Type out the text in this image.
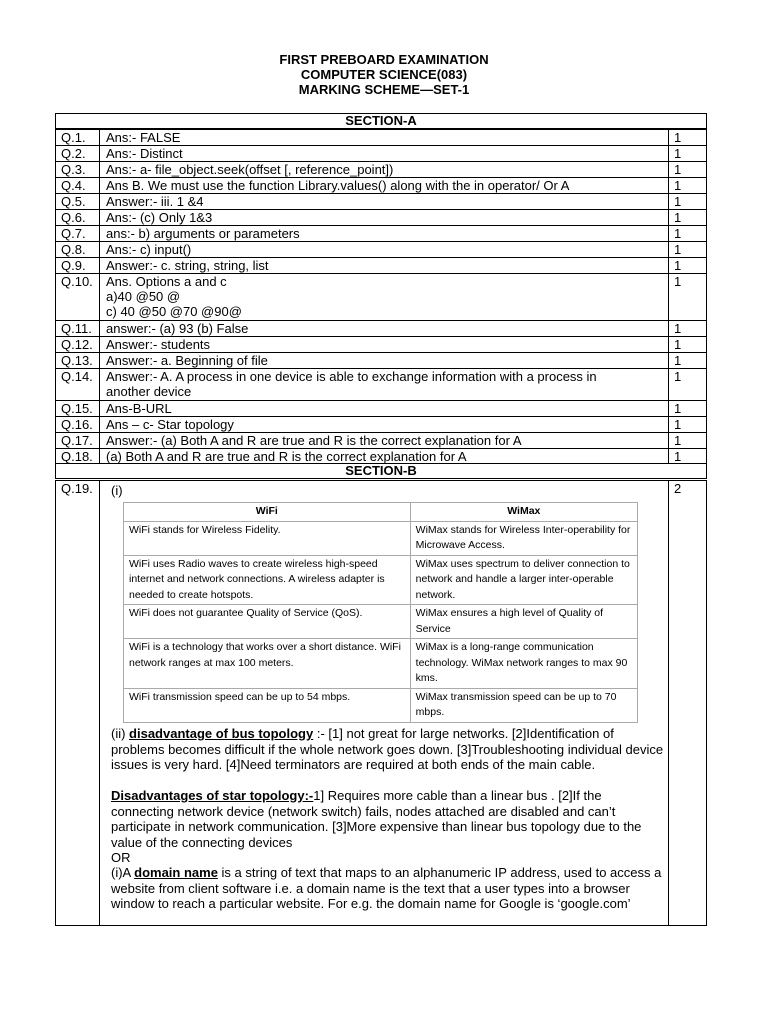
FIRST PREBOARD EXAMINATION
COMPUTER SCIENCE(083)
MARKING SCHEME—SET-1
SECTION-A
Q.1.	Ans:- FALSE	1
Q.2.	Ans:- Distinct	1
Q.3.	Ans:- a- file_object.seek(offset [, reference_point])	1
Q.4.	Ans B. We must use the function Library.values() along with the in operator/ Or A	1
Q.5.	Answer:- iii. 1 &4	1
Q.6.	Ans:- (c) Only 1&3	1
Q.7.	ans:- b) arguments or parameters	1
Q.8.	Ans:- c) input()	1
Q.9.	Answer:- c. string, string, list	1
Q.10.	Ans. Options a and c
a)40 @50 @
c) 40 @50 @70 @90@
1
Q.11.	answer:- (a) 93 (b) False	1
Q.12.	Answer:- students	1
Q.13.	Answer:- a. Beginning of file	1
Q.14.	Answer:- A. A process in one device is able to exchange information with a process in
another device
1
Q.15.	Ans-B-URL	1
Q.16.	Ans – c- Star topology	1
Q.17.	Answer:- (a) Both A and R are true and R is the correct explanation for A	1
Q.18.	(a) Both A and R are true and R is the correct explanation for A	1
SECTION-B
Q.19.	2
(i)
WiFi	WiMax
WiFi stands for Wireless Fidelity.	WiMax stands for Wireless Inter-operability for Microwave Access.
WiFi uses Radio waves to create wireless high-speed internet and network connections. A wireless adapter is needed to create hotspots.	WiMax uses spectrum to deliver connection to network and handle a larger inter-operable network.
WiFi does not guarantee Quality of Service (QoS).	WiMax ensures a high level of Quality of Service
WiFi is a technology that works over a short distance. WiFi network ranges at max 100 meters.	WiMax is a long-range communication technology. WiMax network ranges to max 90 kms.
WiFi transmission speed can be up to 54 mbps.	WiMax transmission speed can be up to 70 mbps.
(ii) disadvantage of bus topology :- [1] not great for large networks. [2]Identification of problems becomes difficult if the whole network goes down. [3]Troubleshooting individual device issues is very hard. [4]Need terminators are required at both ends of the main cable.
Disadvantages of star topology:-1] Requires more cable than a linear bus . [2]If the connecting network device (network switch) fails, nodes attached are disabled and can’t participate in network communication. [3]More expensive than linear bus topology due to the value of the connecting devices
OR
(i)A domain name is a string of text that maps to an alphanumeric IP address, used to access a website from client software i.e. a domain name is the text that a user types into a browser window to reach a particular website. For e.g. the domain name for Google is ‘google.com’
